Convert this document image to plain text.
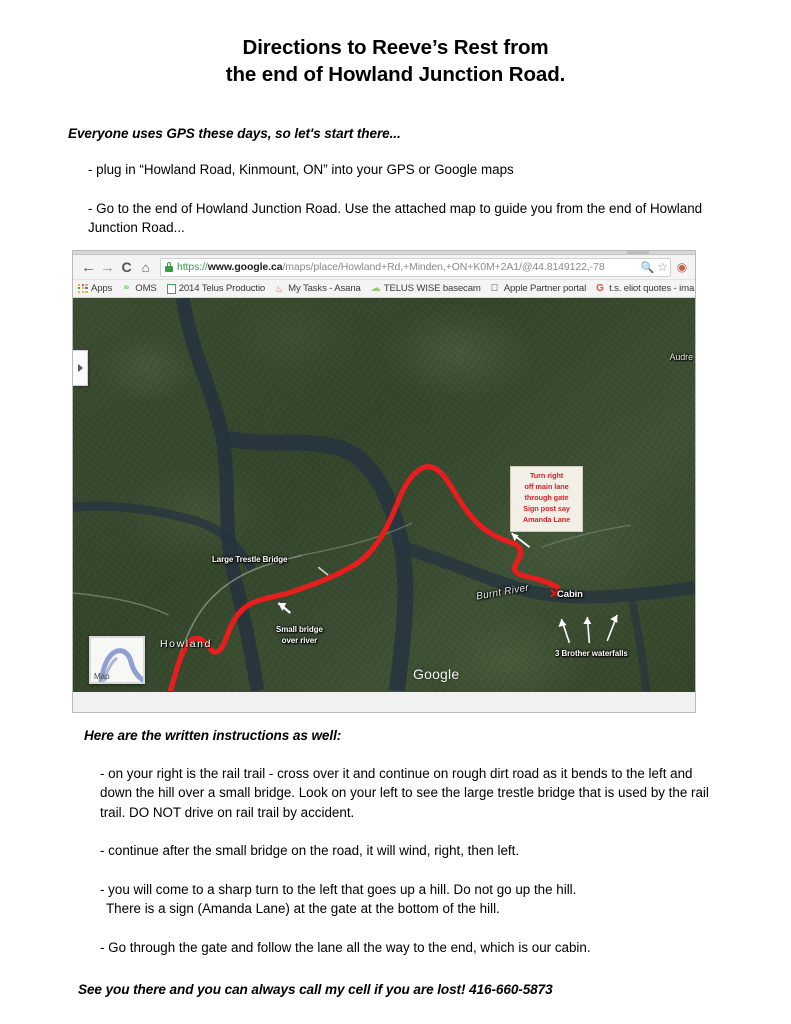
Directions to Reeve’s Rest from
the end of Howland Junction Road.
Everyone uses GPS these days, so let's start there...
- plug in “Howland Road, Kinmount, ON” into your GPS or Google maps
- Go to the end of Howland Junction Road. Use the attached map to guide you from the end of Howland Junction Road...
← → C ⌂	https://www.google.ca/maps/place/Howland+Rd,+Minden,+ON+K0M+2A1/@44.8149122,-78	🔍 ☆ ◉
Apps ⚭ OMS 2014 Telus Productio ♨ My Tasks - Asana ☁ TELUS WISE basecam Apple Partner portal G t.s. eliot quotes - ima
Turn right
off main lane
through gate
Sign post say
Amanda Lane
Large Trestle Bridge
Small bridge
over river
✕
Cabin
3 Brother waterfalls
Howland
Burnt River
Audre
Map	Google
Here are the written instructions as well:
- on your right is the rail trail - cross over it and continue on rough dirt road as it bends to the left and down the hill over a small bridge. Look on your left to see the large trestle bridge that is used by the rail trail. DO NOT drive on rail trail by accident.
- continue after the small bridge on the road, it will wind, right, then left.
- you will come to a sharp turn to the left that goes up a hill. Do not go up the hill.
There is a sign (Amanda Lane) at the gate at the bottom of the hill.
- Go through the gate and follow the lane all the way to the end, which is our cabin.
See you there and you can always call my cell if you are lost! 416-660-5873
